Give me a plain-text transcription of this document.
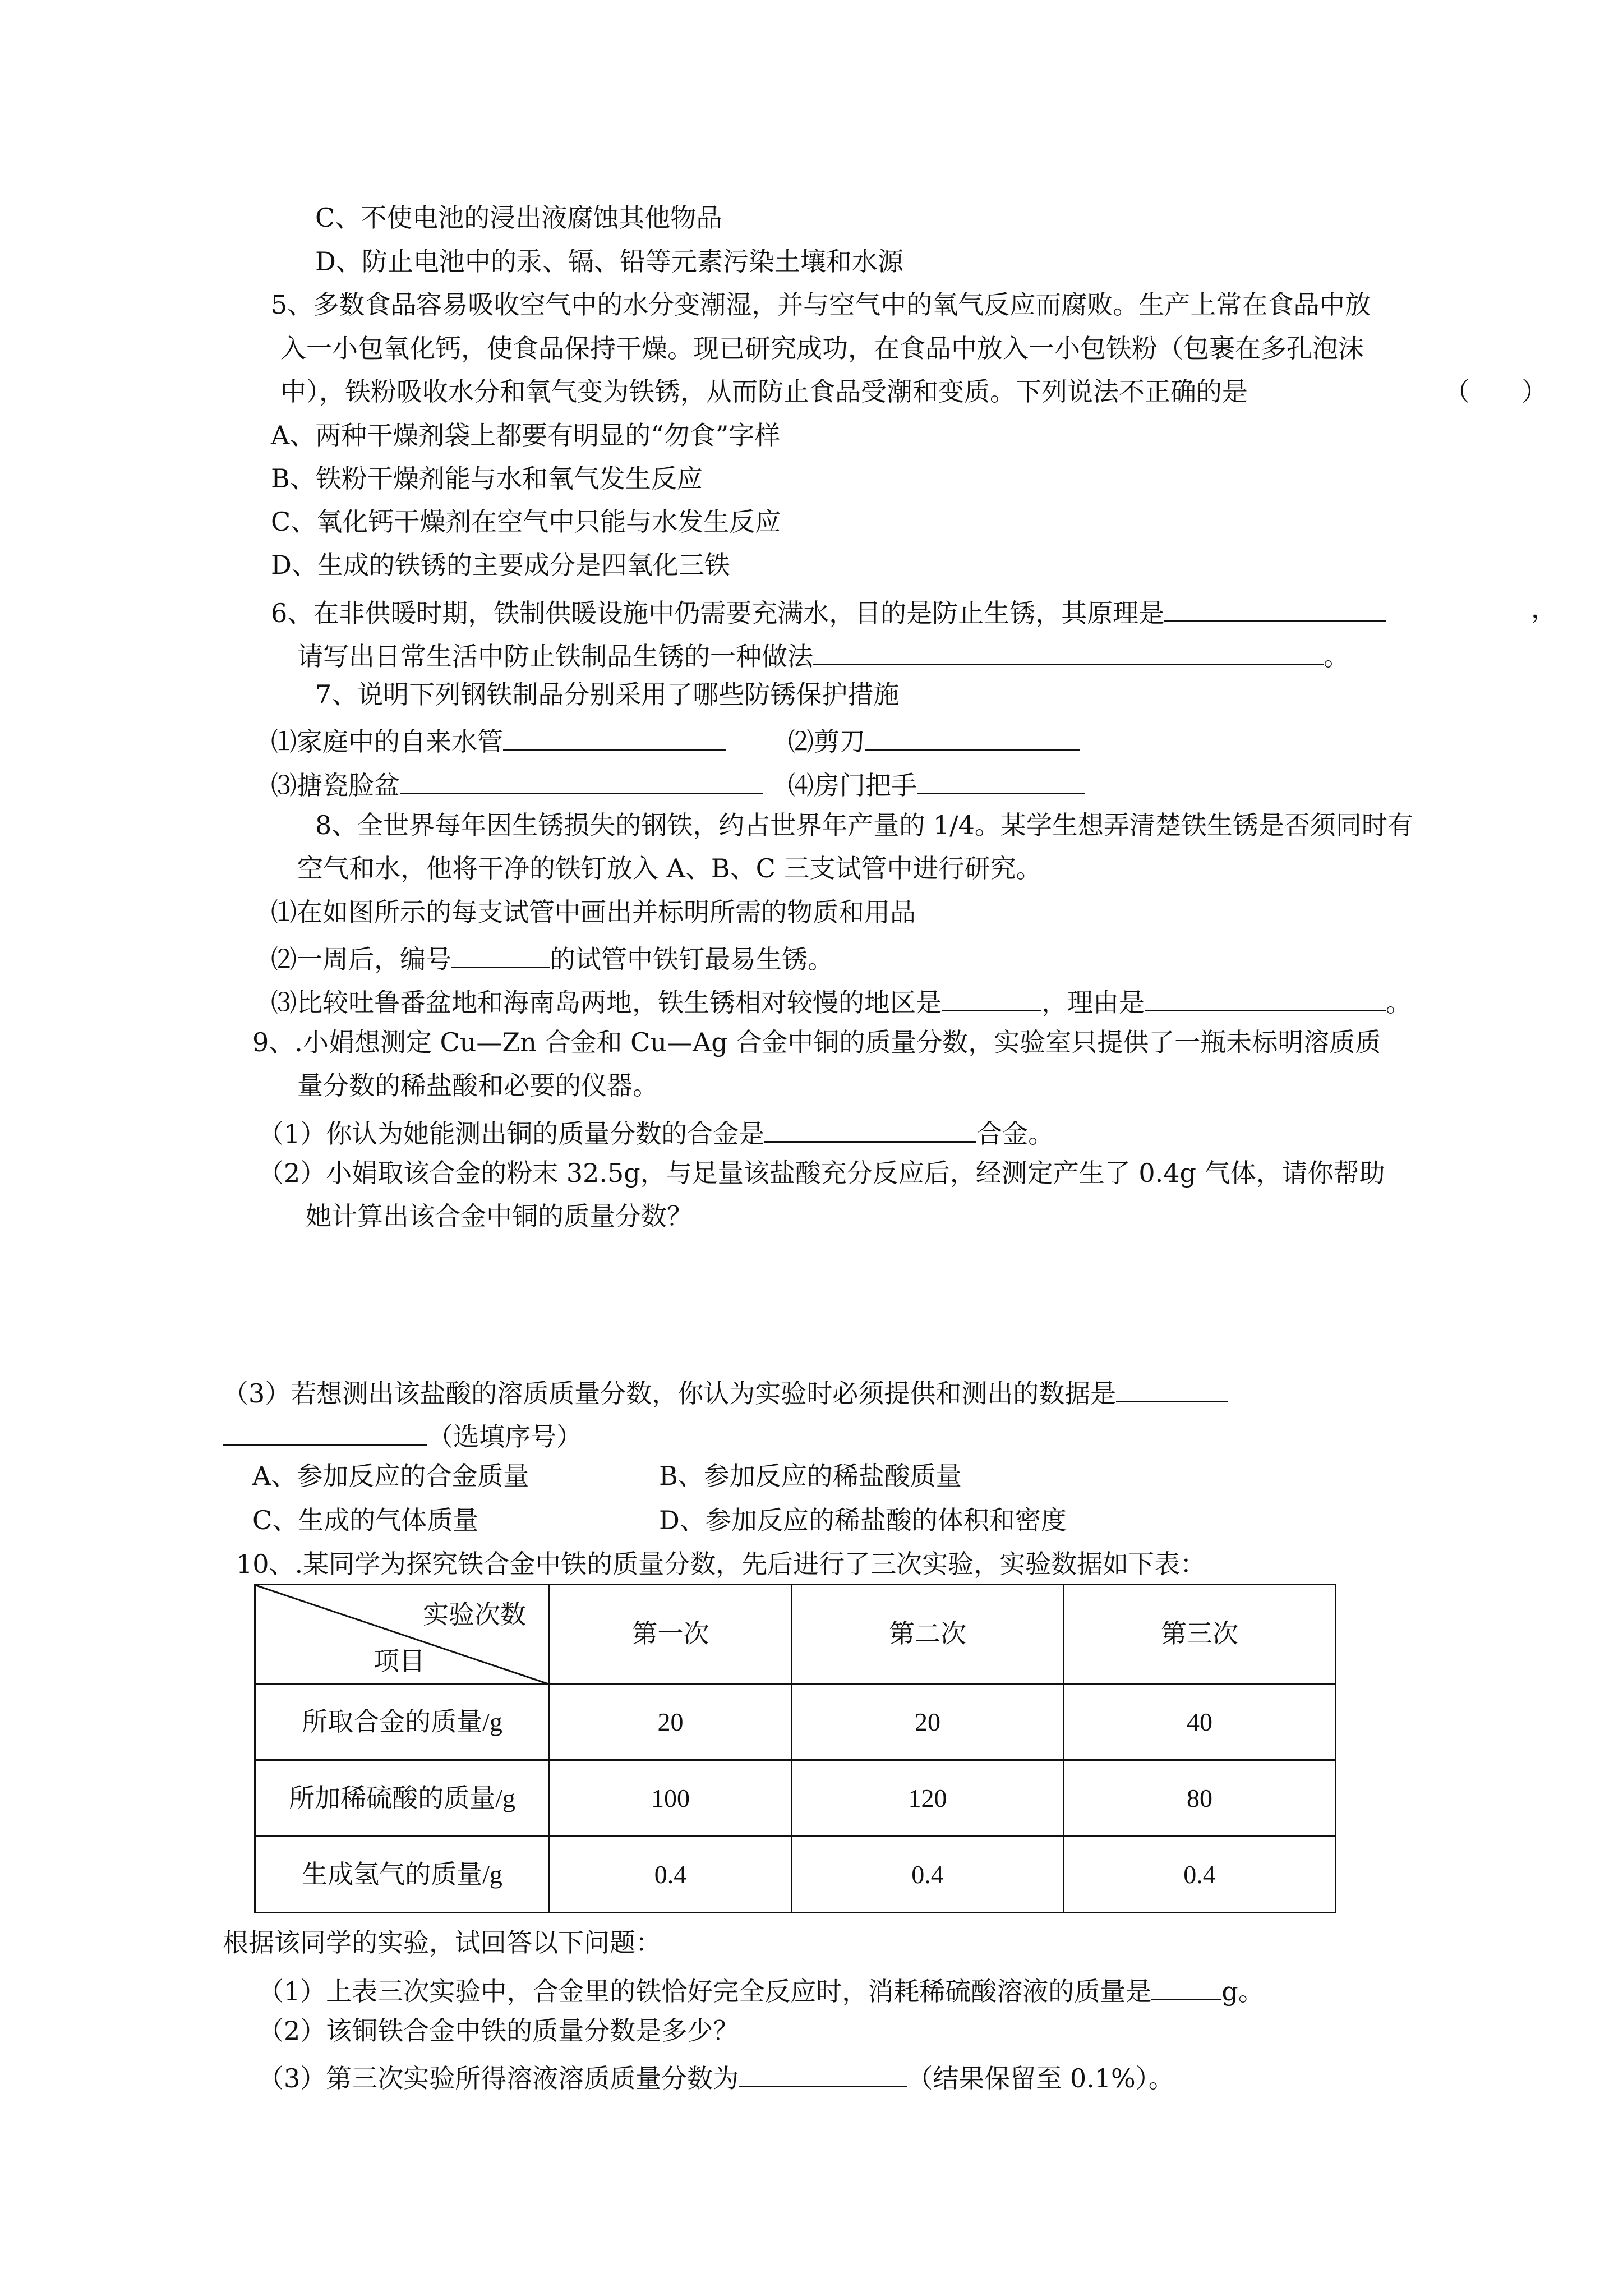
C、不使电池的浸出液腐蚀其他物品
D、防止电池中的汞、镉、铅等元素污染土壤和水源
5、多数食品容易吸收空气中的水分变潮湿，并与空气中的氧气反应而腐败。生产上常在食品中放
入一小包氧化钙，使食品保持干燥。现已研究成功，在食品中放入一小包铁粉（包裹在多孔泡沫
中），铁粉吸收水分和氧气变为铁锈，从而防止食品受潮和变质。下列说法不正确的是	（　　）
A、两种干燥剂袋上都要有明显的“勿食”字样
B、铁粉干燥剂能与水和氧气发生反应
C、氧化钙干燥剂在空气中只能与水发生反应
D、生成的铁锈的主要成分是四氧化三铁
6、在非供暖时期，铁制供暖设施中仍需要充满水，目的是防止生锈，其原理是	，
请写出日常生活中防止铁制品生锈的一种做法	。
7、说明下列钢铁制品分别采用了哪些防锈保护措施
⑴家庭中的自来水管	⑵剪刀
⑶搪瓷脸盆	⑷房门把手
8、全世界每年因生锈损失的钢铁，约占世界年产量的 1/4。某学生想弄清楚铁生锈是否须同时有
空气和水，他将干净的铁钉放入 A、B、C 三支试管中进行研究。
⑴在如图所示的每支试管中画出并标明所需的物质和用品
⑵一周后，编号	的试管中铁钉最易生锈。
⑶比较吐鲁番盆地和海南岛两地，铁生锈相对较慢的地区是	，理由是	。
9、.小娟想测定 Cu—Zn 合金和 Cu—Ag 合金中铜的质量分数，实验室只提供了一瓶未标明溶质质
量分数的稀盐酸和必要的仪器。
（1）你认为她能测出铜的质量分数的合金是	合金。
（2）小娟取该合金的粉末 32.5g，与足量该盐酸充分反应后，经测定产生了 0.4g 气体，请你帮助
她计算出该合金中铜的质量分数？
（3）若想测出该盐酸的溶质质量分数，你认为实验时必须提供和测出的数据是
（选填序号）
A、参加反应的合金质量	B、参加反应的稀盐酸质量
C、生成的气体质量	D、参加反应的稀盐酸的体积和密度
10、.某同学为探究铁合金中铁的质量分数，先后进行了三次实验，实验数据如下表：
实验次数
项目	第一次	第二次	第三次
所取合金的质量/g	20	20	40
所加稀硫酸的质量/g	100	120	80
生成氢气的质量/g	0.4	0.4	0.4
根据该同学的实验，试回答以下问题：
（1）上表三次实验中，合金里的铁恰好完全反应时，消耗稀硫酸溶液的质量是	g。
（2）该铜铁合金中铁的质量分数是多少？
（3）第三次实验所得溶液溶质质量分数为	（结果保留至 0.1%）。
